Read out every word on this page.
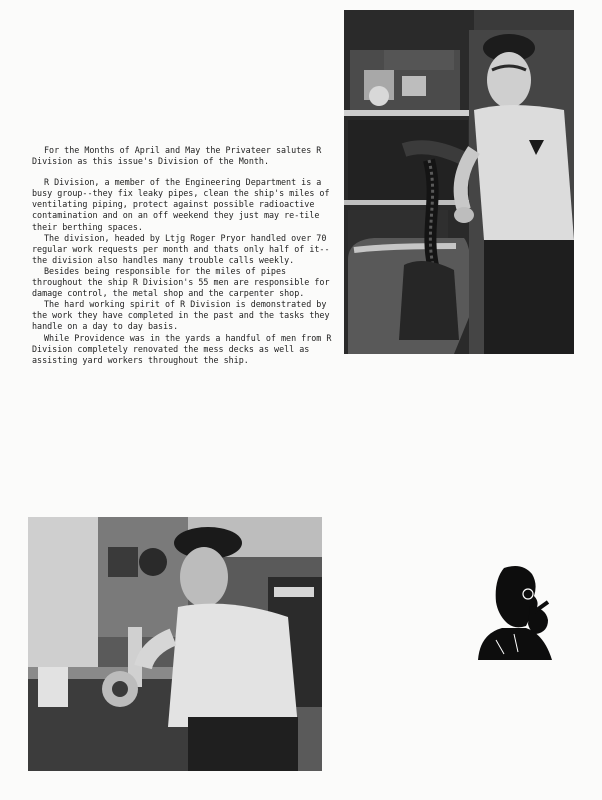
For the Months of April and May the Privateer salutes R Division as this issue's Division of the Month.

R Division, a member of the Engineering Department is a busy group--they fix leaky pipes, clean the ship's miles of ventilating piping, protect against possible radioactive contamination and on an off weekend they just may re-tile their berthing spaces.

The division, headed by Ltjg Roger Pryor handled over 70 regular work requests per month and thats only half of it--the division also handles many trouble calls weekly.

Besides being responsible for the miles of pipes throughout the ship R Division's 55 men are responsible for damage control, the metal shop and the carpenter shop.

The hard working spirit of R Division is demonstrated by the work they have completed in the past and the tasks they handle on a day to day basis.

While Providence was in the yards a handful of men from R Division completely renovated the mess decks as well as assisting yard workers throughout the ship.
